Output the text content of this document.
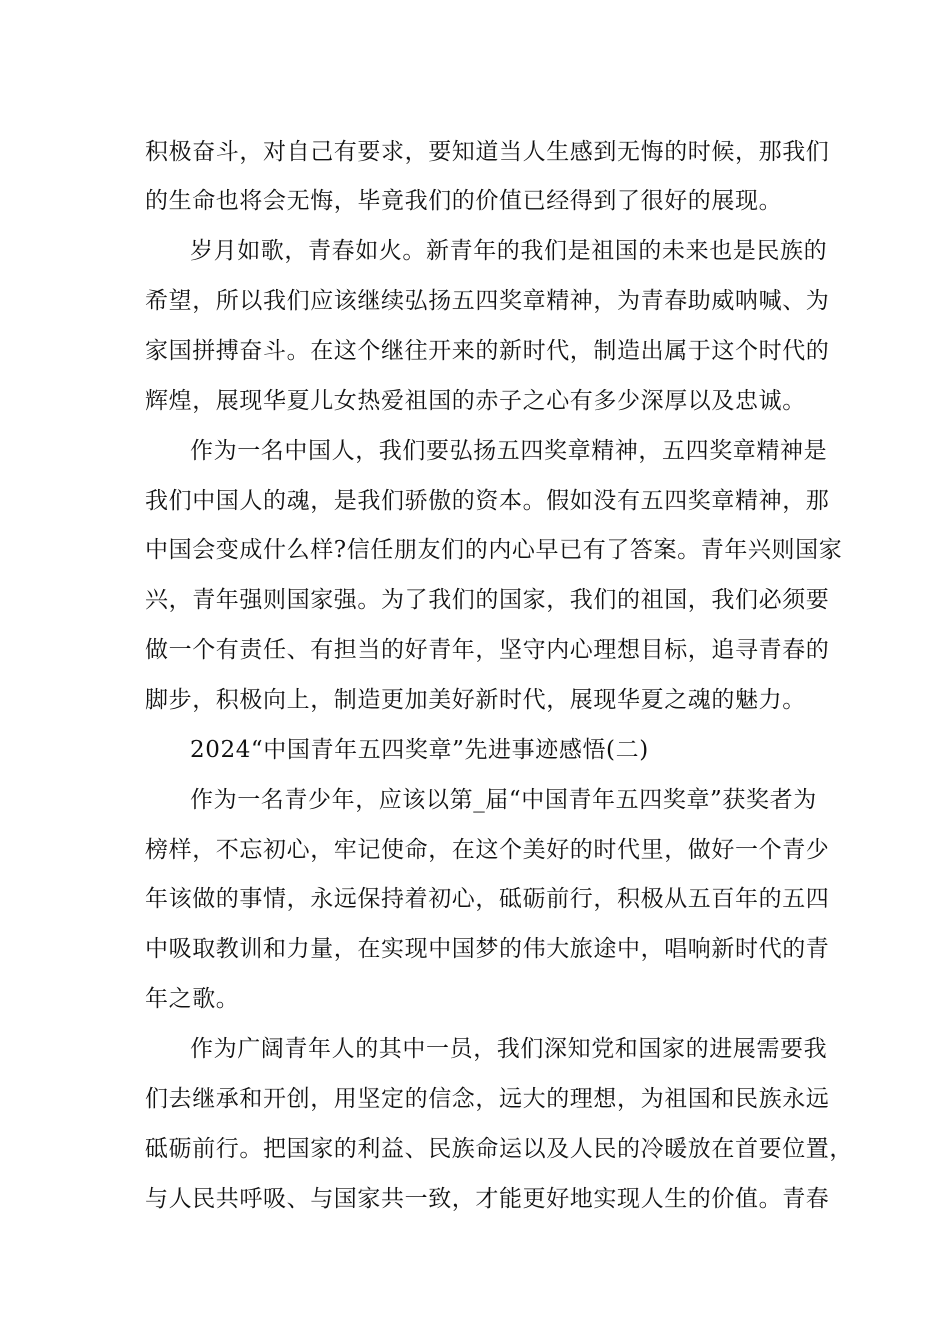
积极奋斗，对自己有要求，要知道当人生感到无悔的时候，那我们
的生命也将会无悔，毕竟我们的价值已经得到了很好的展现。
岁月如歌，青春如火。新青年的我们是祖国的未来也是民族的
希望，所以我们应该继续弘扬五四奖章精神，为青春助威呐喊、为
家国拼搏奋斗。在这个继往开来的新时代，制造出属于这个时代的
辉煌，展现华夏儿女热爱祖国的赤子之心有多少深厚以及忠诚。
作为一名中国人，我们要弘扬五四奖章精神，五四奖章精神是
我们中国人的魂，是我们骄傲的资本。假如没有五四奖章精神，那
中国会变成什么样?信任朋友们的内心早已有了答案。青年兴则国家
兴，青年强则国家强。为了我们的国家，我们的祖国，我们必须要
做一个有责任、有担当的好青年，坚守内心理想目标，追寻青春的
脚步，积极向上，制造更加美好新时代，展现华夏之魂的魅力。
2024“中国青年五四奖章”先进事迹感悟(二)
作为一名青少年，应该以第_届“中国青年五四奖章”获奖者为
榜样，不忘初心，牢记使命，在这个美好的时代里，做好一个青少
年该做的事情，永远保持着初心，砥砺前行，积极从五百年的五四
中吸取教训和力量，在实现中国梦的伟大旅途中，唱响新时代的青
年之歌。
作为广阔青年人的其中一员，我们深知党和国家的进展需要我
们去继承和开创，用坚定的信念，远大的理想，为祖国和民族永远
砥砺前行。把国家的利益、民族命运以及人民的冷暖放在首要位置，
与人民共呼吸、与国家共一致，才能更好地实现人生的价值。青春
